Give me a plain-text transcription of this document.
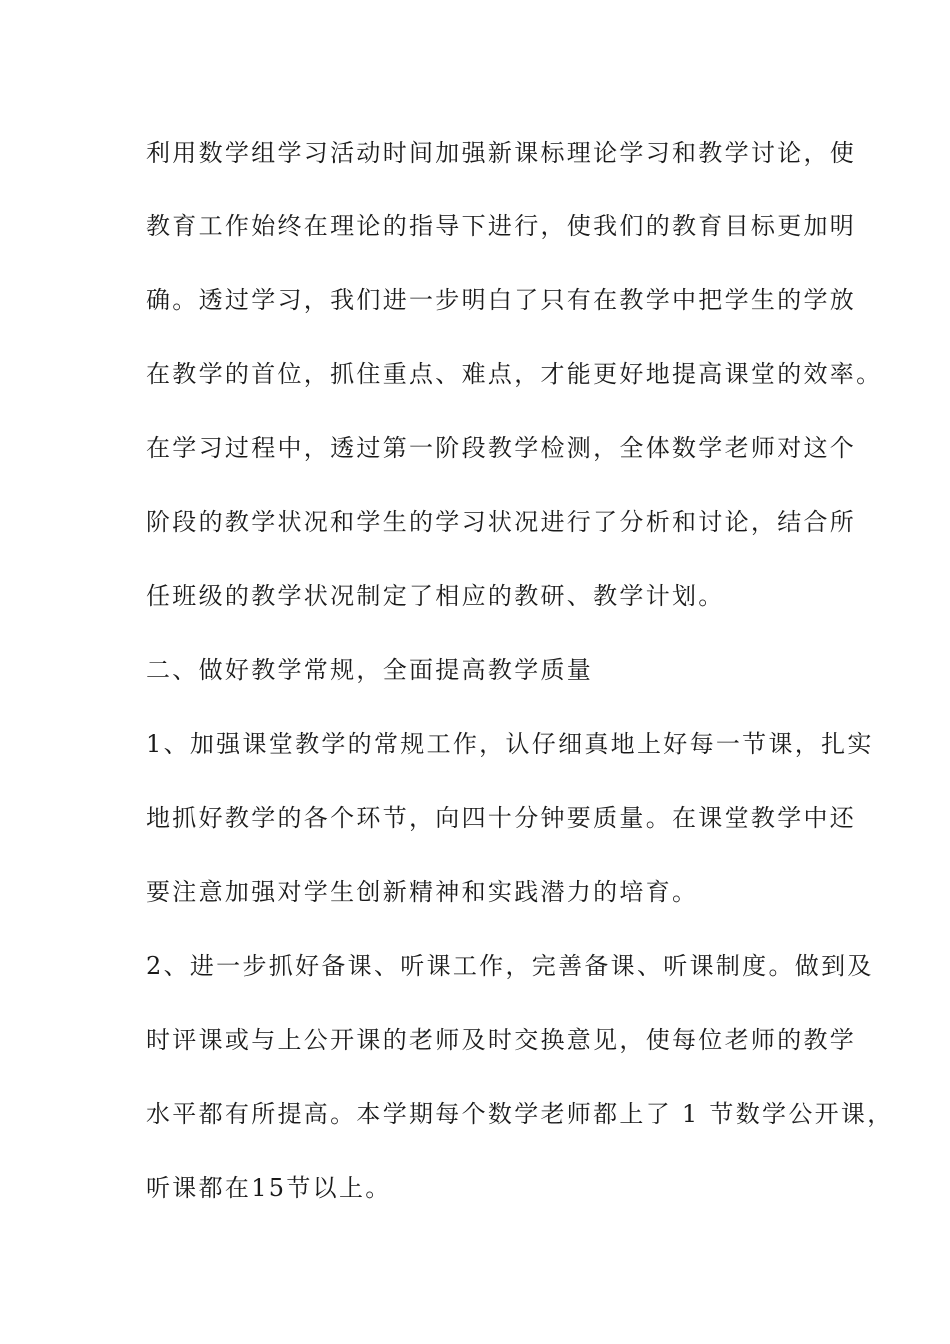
利用数学组学习活动时间加强新课标理论学习和教学讨论，使
教育工作始终在理论的指导下进行，使我们的教育目标更加明
确。透过学习，我们进一步明白了只有在教学中把学生的学放
在教学的首位，抓住重点、难点，才能更好地提高课堂的效率。
在学习过程中，透过第一阶段教学检测，全体数学老师对这个
阶段的教学状况和学生的学习状况进行了分析和讨论，结合所
任班级的教学状况制定了相应的教研、教学计划。
二、做好教学常规，全面提高教学质量
1、加强课堂教学的常规工作，认仔细真地上好每一节课，扎实
地抓好教学的各个环节，向四十分钟要质量。在课堂教学中还
要注意加强对学生创新精神和实践潜力的培育。
2、进一步抓好备课、听课工作，完善备课、听课制度。做到及
时评课或与上公开课的老师及时交换意见，使每位老师的教学
水平都有所提高。本学期每个数学老师都上了 1 节数学公开课，
听课都在15节以上。
